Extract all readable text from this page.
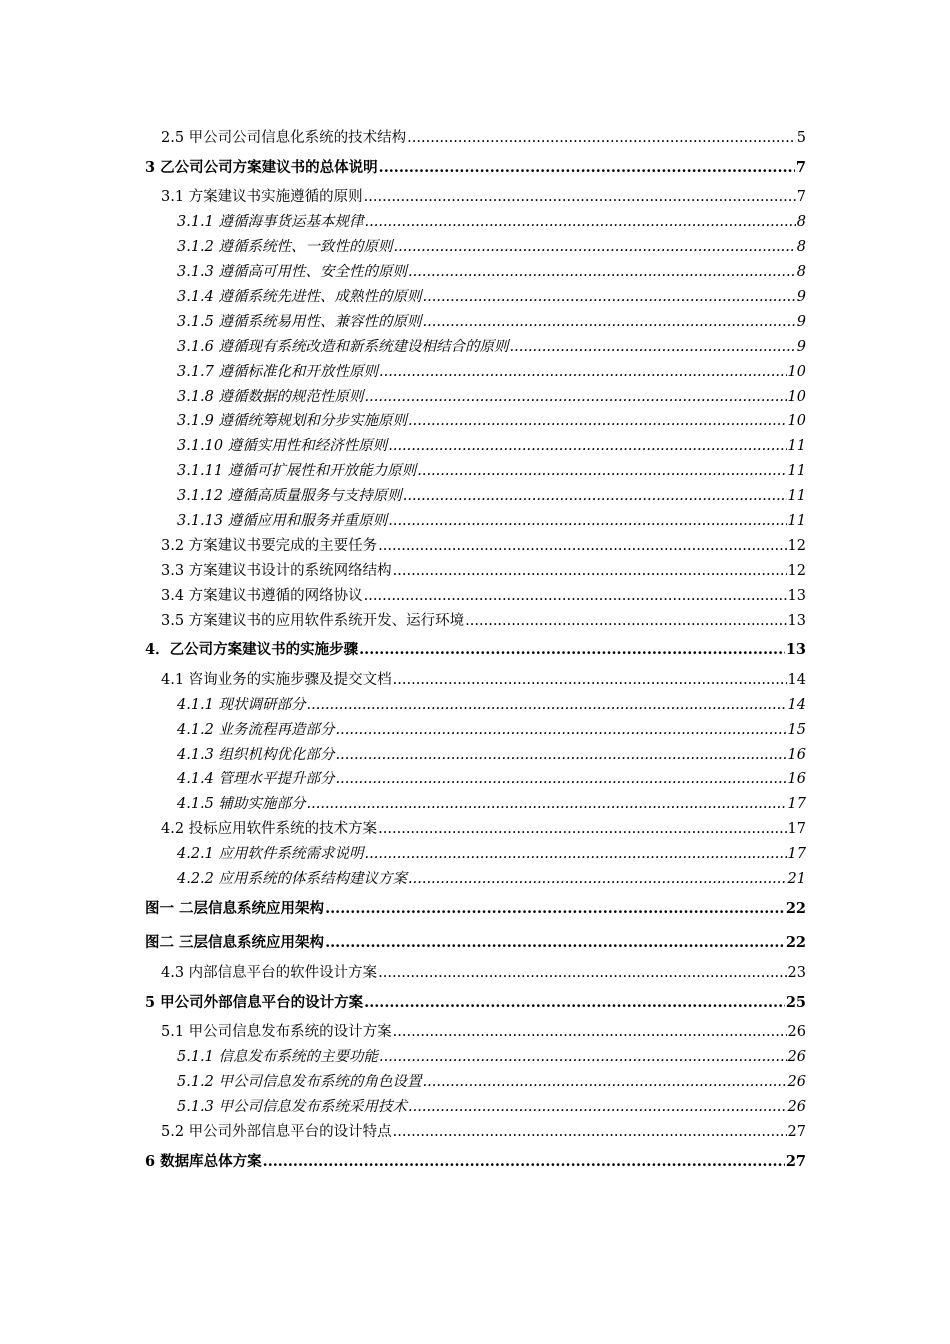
2.5 甲公司公司信息化系统的技术结构 .....	5
3 乙公司公司方案建议书的总体说明 .....	7
3.1 方案建议书实施遵循的原则 .....	7
3.1.1 遵循海事货运基本规律 .....	8
3.1.2 遵循系统性、一致性的原则 .....	8
3.1.3 遵循高可用性、安全性的原则 .....	8
3.1.4 遵循系统先进性、成熟性的原则 .....	9
3.1.5 遵循系统易用性、兼容性的原则 .....	9
3.1.6 遵循现有系统改造和新系统建设相结合的原则 .....	9
3.1.7 遵循标准化和开放性原则 .....	10
3.1.8 遵循数据的规范性原则 .....	10
3.1.9 遵循统筹规划和分步实施原则 .....	10
3.1.10 遵循实用性和经济性原则 .....	11
3.1.11 遵循可扩展性和开放能力原则 .....	11
3.1.12 遵循高质量服务与支持原则 .....	11
3.1.13 遵循应用和服务并重原则 .....	11
3.2 方案建议书要完成的主要任务 .....	12
3.3 方案建议书设计的系统网络结构 .....	12
3.4 方案建议书遵循的网络协议 .....	13
3.5 方案建议书的应用软件系统开发、运行环境 .....	13
4．乙公司方案建议书的实施步骤 .....	13
4.1 咨询业务的实施步骤及提交文档 .....	14
4.1.1 现状调研部分 .....	14
4.1.2 业务流程再造部分 .....	15
4.1.3 组织机构优化部分 .....	16
4.1.4 管理水平提升部分 .....	16
4.1.5 辅助实施部分 .....	17
4.2 投标应用软件系统的技术方案 .....	17
4.2.1 应用软件系统需求说明 .....	17
4.2.2 应用系统的体系结构建议方案 .....	21
图一 二层信息系统应用架构 .....	22
图二 三层信息系统应用架构 .....	22
4.3 内部信息平台的软件设计方案 .....	23
5 甲公司外部信息平台的设计方案 .....	25
5.1 甲公司信息发布系统的设计方案 .....	26
5.1.1 信息发布系统的主要功能 .....	26
5.1.2 甲公司信息发布系统的角色设置 .....	26
5.1.3 甲公司信息发布系统采用技术 .....	26
5.2 甲公司外部信息平台的设计特点 .....	27
6 数据库总体方案 .....	27
